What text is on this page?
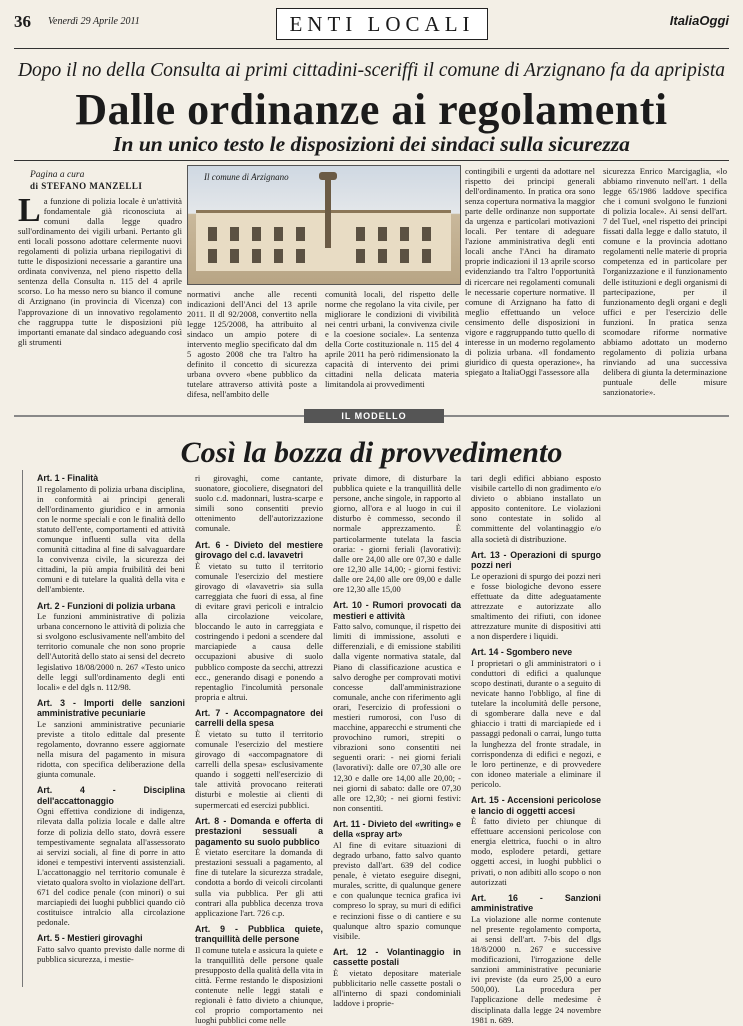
36 Venerdì 29 Aprile 2011	ENTI LOCALI	ItaliaOggi
Dopo il no della Consulta ai primi cittadini-sceriffi il comune di Arzignano fa da apripista
Dalle ordinanze ai regolamenti
In un unico testo le disposizioni dei sindaci sulla sicurezza
Pagina a cura
di STEFANO MANZELLI
L a funzione di polizia locale è un'attività fondamentale già riconosciuta ai comuni dalla legge quadro sull'ordinamento dei vigili urbani. Pertanto gli enti locali possono adottare celermente nuovi regolamenti di polizia urbana riepilogativi di tutte le disposizioni necessarie a garantire una ordinata convivenza, nel pieno rispetto della sentenza della Consulta n. 115 del 4 aprile scorso. Lo ha messo nero su bianco il comune di Arzignano (in provincia di Vicenza) con l'approvazione di un innovativo regolamento che raggruppa tutte le disposizioni più importanti emanate dal sindaco adeguando così gli strumenti

Il comune di Arzignano

normativi anche alle recenti indicazioni dell'Anci del 13 aprile 2011. Il dl 92/2008, convertito nella legge 125/2008, ha attribuito al sindaco un ampio potere di intervento meglio specificato dal dm 5 agosto 2008 che tra l'altro ha definito il concetto di sicurezza urbana ovvero «bene pubblico da tutelare attraverso attività poste a difesa, nell'ambito delle

comunità locali, del rispetto delle norme che regolano la vita civile, per migliorare le condizioni di vivibilità nei centri urbani, la convivenza civile e la coesione sociale». La sentenza della Corte costituzionale n. 115 del 4 aprile 2011 ha però ridimensionato la capacità di intervento dei primi cittadini nella delicata materia limitandola ai provvedimenti

contingibili e urgenti da adottare nel rispetto dei principi generali dell'ordinamento. In pratica ora sono senza copertura normativa la maggior parte delle ordinanze non supportate da urgenza e particolari motivazioni locali. Per tentare di adeguare l'azione amministrativa degli enti locali anche l'Anci ha diramato proprie indicazioni il 13 aprile scorso evidenziando tra l'altro l'opportunità di ricercare nei regolamenti comunali le necessarie coperture normative. Il comune di Arzignano ha fatto di meglio effettuando un veloce censimento delle disposizioni in vigore e raggruppando tutto quello di interesse in un moderno regolamento di polizia urbana. «Il fondamento giuridico di questa operazione», ha spiegato a ItaliaOggi l'assessore alla

sicurezza Enrico Marcigaglia, «lo abbiamo rinvenuto nell'art. 1 della legge 65/1986 laddove specifica che i comuni svolgono le funzioni di polizia locale». Ai sensi dell'art. 7 del Tuel, «nel rispetto dei principi fissati dalla legge e dallo statuto, il comune e la provincia adottano regolamenti nelle materie di propria competenza ed in particolare per l'organizzazione e il funzionamento delle istituzioni e degli organismi di partecipazione, per il funzionamento degli organi e degli uffici e per l'esercizio delle funzioni. In pratica senza scomodare riforme normative abbiamo adottato un moderno regolamento di polizia urbana rinviando ad una successiva delibera di giunta la determinazione puntuale delle misure sanzionatorie».

IL MODELLO
Così la bozza di provvedimento
Art. 1 - Finalità

Il regolamento di polizia urbana disciplina, in conformità ai principi generali dell'ordinamento giuridico e in armonia con le norme speciali e con le finalità dello statuto dell'ente, comportamenti ed attività comunque influenti sulla vita della comunità cittadina al fine di salvaguardare la convivenza civile, la sicurezza dei cittadini, la più ampia fruibilità dei beni comuni e di tutelare la qualità della vita e dell'ambiente.

Art. 2 - Funzioni di polizia urbana

Le funzioni amministrative di polizia urbana concernono le attività di polizia che si svolgono esclusivamente nell'ambito del territorio comunale che non sono proprie dell'Autorità dello stato ai sensi del decreto legislativo 18/08/2000 n. 267 «Testo unico delle leggi sull'ordinamento degli enti locali» e del dgls n. 112/98.

Art. 3 - Importi delle sanzioni amministrative pecuniarie

Le sanzioni amministrative pecuniarie previste a titolo edittale dal presente regolamento, dovranno essere aggiornate nella misura del pagamento in misura ridotta, con specifica deliberazione della giunta comunale.

Art. 4 - Disciplina dell'accattonaggio

Ogni effettiva condizione di indigenza, rilevata dalla polizia locale e dalle altre forze di polizia dello stato, dovrà essere tempestivamente segnalata all'assessorato ai servizi sociali, al fine di porre in atto idonei e tempestivi interventi assistenziali. L'accattonaggio nel territorio comunale è vietato qualora svolto in violazione dell'art. 671 del codice penale (con minori) o sui marciapiedi dei luoghi pubblici quando ciò costituisce intralcio alla circolazione pedonale.

Art. 5 - Mestieri girovaghi

Fatto salvo quanto previsto dalle norme di pubblica sicurezza, i mestie-

ri girovaghi, come cantante, suonatore, giocoliere, disegnatori del suolo c.d. madonnari, lustra-scarpe e simili sono consentiti previo ottenimento dell'autorizzazione comunale.

Art. 6 - Divieto del mestiere girovago del c.d. lavavetri

È vietato su tutto il territorio comunale l'esercizio del mestiere girovago di «lavavetri» sia sulla carreggiata che fuori di essa, al fine di evitare gravi pericoli e intralcio alla circolazione veicolare, bloccando le auto in carreggiata e costringendo i pedoni a scendere dal marciapiede a causa delle occupazioni abusive di suolo pubblico composte da secchi, attrezzi ecc., generando disagi e ponendo a repentaglio l'incolumità personale propria e altrui.

Art. 7 - Accompagnatore dei carrelli della spesa

È vietato su tutto il territorio comunale l'esercizio del mestiere girovago di «accompagnatore di carrelli della spesa» esclusivamente quando i soggetti nell'esercizio di tale attività provocano reiterati disturbi e molestie ai clienti di supermercati ed esercizi pubblici.

Art. 8 - Domanda e offerta di prestazioni sessuali a pagamento su suolo pubblico

È vietato esercitare la domanda di prestazioni sessuali a pagamento, al fine di tutelare la sicurezza stradale, condotta a bordo di veicoli circolanti sulla via pubblica. Per gli atti contrari alla pubblica decenza trova applicazione l'art. 726 c.p.

Art. 9 - Pubblica quiete, tranquillità delle persone

Il comune tutela e assicura la quiete e la tranquillità delle persone quale presupposto della qualità della vita in città. Ferme restando le disposizioni contenute nelle leggi statali e regionali è fatto divieto a chiunque, col proprio comportamento nei luoghi pubblici come nelle

private dimore, di disturbare la pubblica quiete e la tranquillità delle persone, anche singole, in rapporto al giorno, all'ora e al luogo in cui il disturbo è commesso, secondo il normale apprezzamento. È particolarmente tutelata la fascia oraria: - giorni feriali (lavorativi): dalle ore 24,00 alle ore 07,30 e dalle ore 12,30 alle 14,00; - giorni festivi: dalle ore 24,00 alle ore 09,00 e dalle ore 12,30 alle 15,00

Art. 10 - Rumori provocati da mestieri e attività

Fatto salvo, comunque, il rispetto dei limiti di immissione, assoluti e differenziali, e di emissione stabiliti dalla vigente normativa statale, dal Piano di classificazione acustica e salvo deroghe per comprovati motivi concesse dall'amministrazione comunale, anche con riferimento agli orari, l'esercizio di professioni o mestieri rumorosi, con l'uso di macchine, apparecchi e strumenti che provochino rumori, strepiti o vibrazioni sono consentiti nei seguenti orari: - nei giorni feriali (lavorativi): dalle ore 07,30 alle ore 12,30 e dalle ore 14,00 alle 20,00; - nei giorni di sabato: dalle ore 07,30 alle ore 12,30; - nei giorni festivi: non consentiti.

Art. 11 - Divieto del «writing» e della «spray art»

Al fine di evitare situazioni di degrado urbano, fatto salvo quanto previsto dall'art. 639 del codice penale, è vietato eseguire disegni, murales, scritte, di qualunque genere e con qualunque tecnica grafica ivi compreso lo spray, su muri di edifici e recinzioni fisse o di cantiere e su qualunque altro spazio comunque visibile.

Art. 12 - Volantinaggio in cassette postali

È vietato depositare materiale pubblicitario nelle cassette postali o all'interno di spazi condominiali laddove i proprie-

tari degli edifici abbiano esposto visibile cartello di non gradimento e/o divieto o abbiano installato un apposito contenitore. Le violazioni sono contestate in solido al committente del volantinaggio e/o alla società di distribuzione.

Art. 13 - Operazioni di spurgo pozzi neri

Le operazioni di spurgo dei pozzi neri e fosse biologiche devono essere effettuate da ditte adeguatamente attrezzate e autorizzate allo smaltimento dei rifiuti, con idonee attrezzature munite di dispositivi atti a non disperdere i liquidi.

Art. 14 - Sgombero neve

I proprietari o gli amministratori o i conduttori di edifici a qualunque scopo destinati, durante o a seguito di nevicate hanno l'obbligo, al fine di tutelare la incolumità delle persone, di sgomberare dalla neve e dal ghiaccio i tratti di marciapiede ed i passaggi pedonali o carrai, lungo tutta la lunghezza del fronte stradale, in corrispondenza di edifici e negozi, e le loro pertinenze, e di provvedere con idoneo materiale a eliminare il pericolo.

Art. 15 - Accensioni pericolose e lancio di oggetti accesi

È fatto divieto per chiunque di effettuare accensioni pericolose con energia elettrica, fuochi o in altro modo, esplodere petardi, gettare oggetti accesi, in luoghi pubblici o privati, o non adibiti allo scopo o non autorizzati

Art. 16 - Sanzioni amministrative

La violazione alle norme contenute nel presente regolamento comporta, ai sensi dell'art. 7-bis del dlgs 18/8/2000 n. 267 e successive modificazioni, l'irrogazione delle sanzioni amministrative pecuniarie ivi previste (da euro 25,00 a euro 500,00). La procedura per l'applicazione delle medesime è disciplinata dalla legge 24 novembre 1981 n. 689.
